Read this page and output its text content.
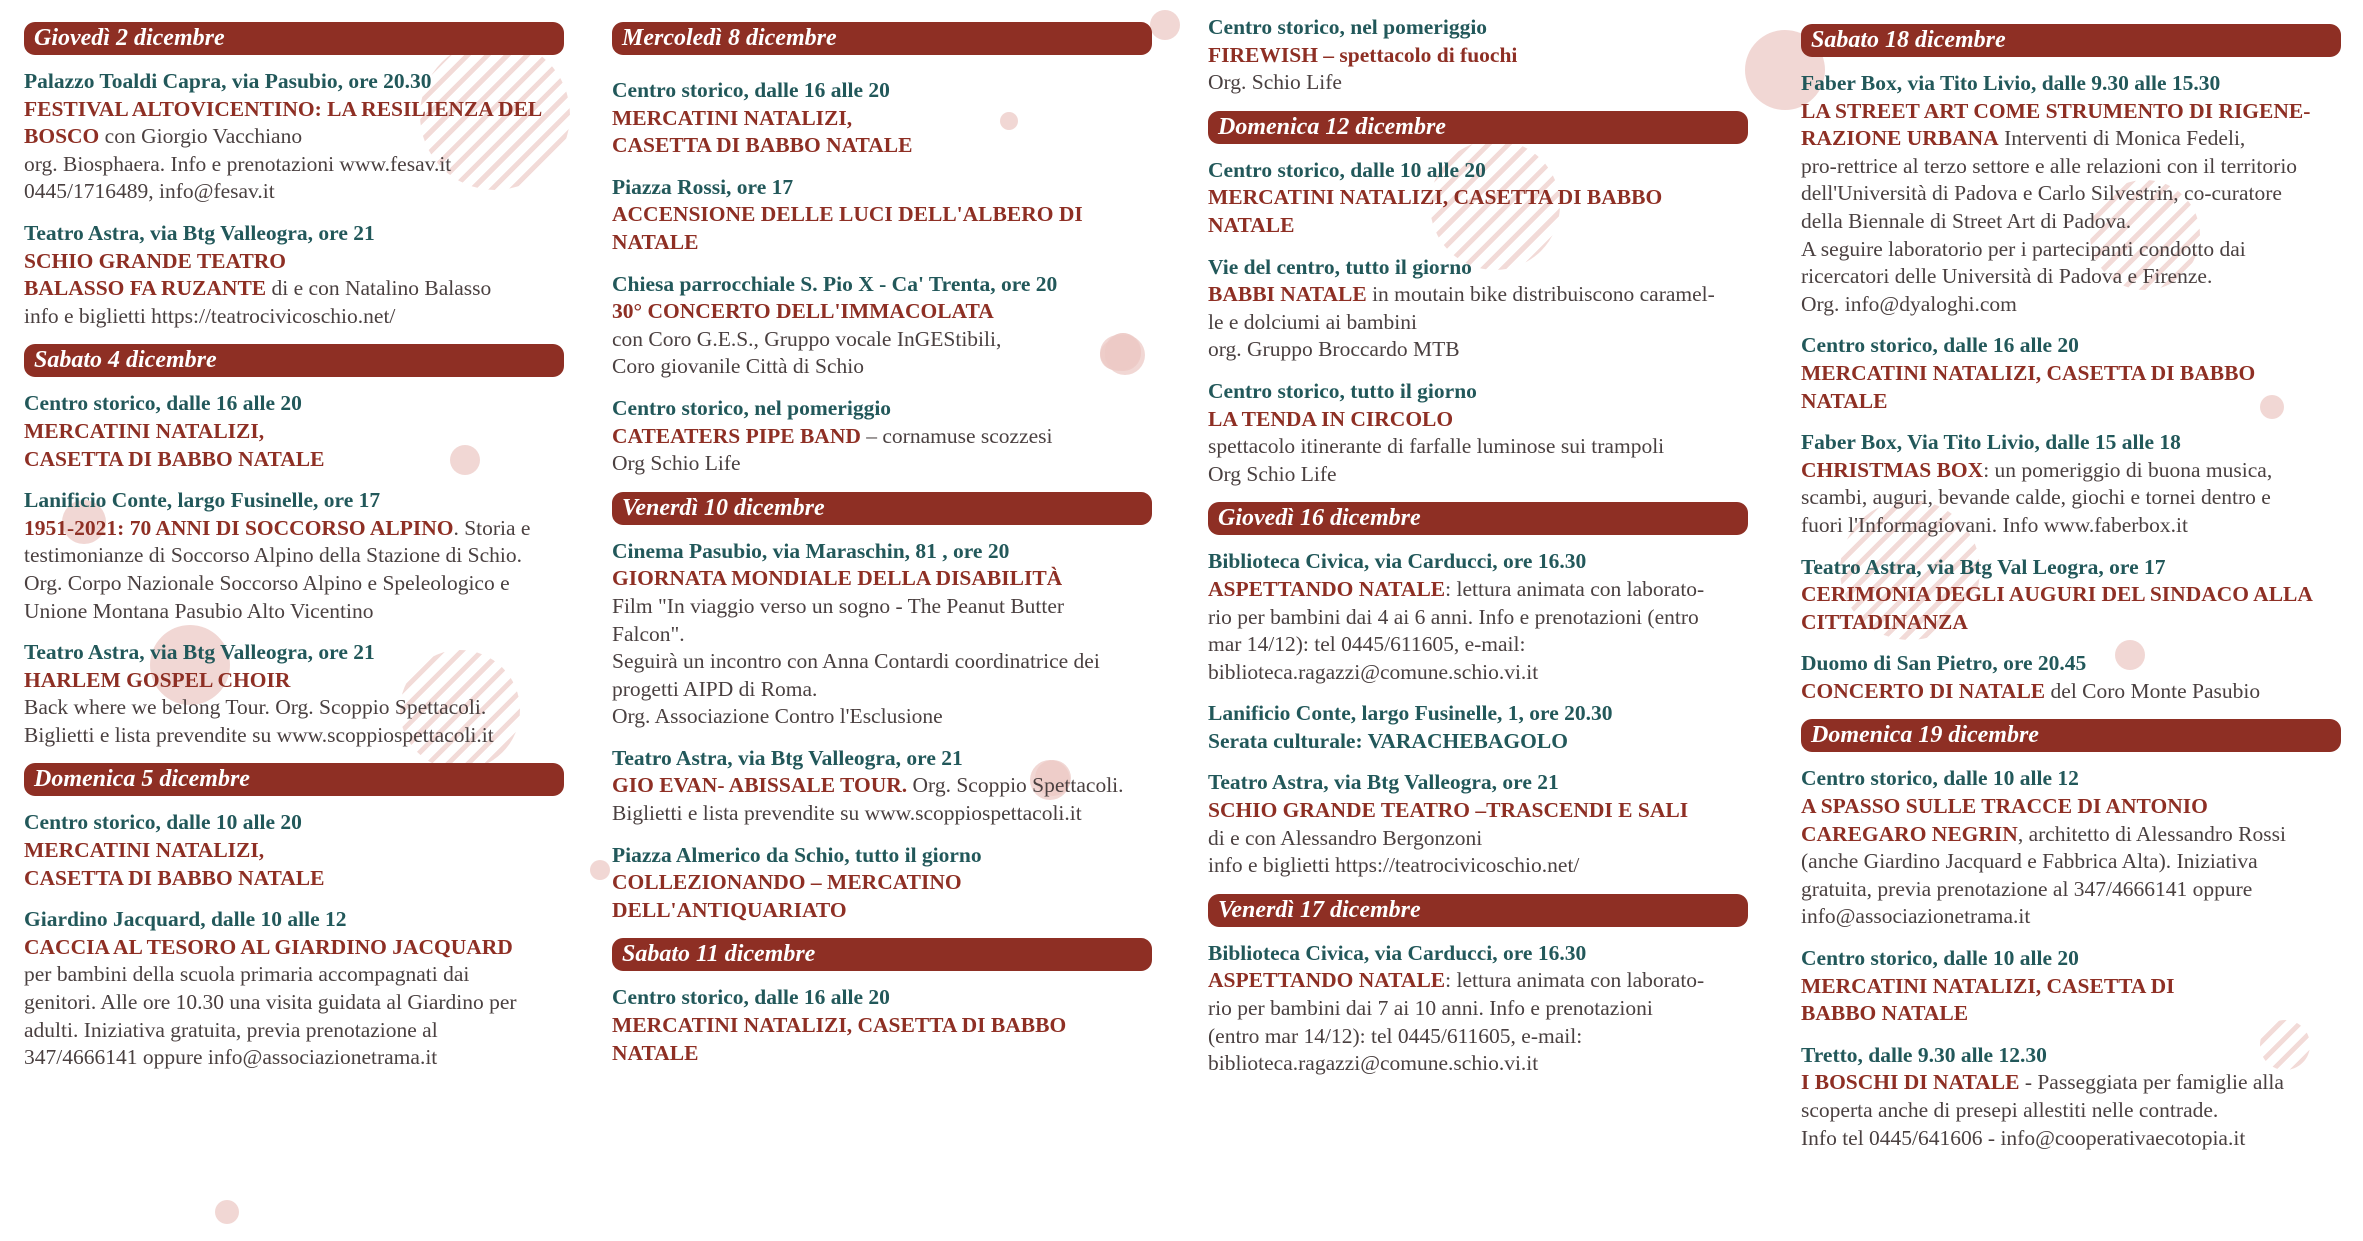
Giovedì 2 dicembre
Palazzo Toaldi Capra, via Pasubio, ore 20.30
FESTIVAL ALTOVICENTINO: LA RESILIENZA DEL
BOSCO con Giorgio Vacchiano
org. Biosphaera. Info e prenotazioni www.fesav.it
0445/1716489, info@fesav.it
Teatro Astra, via Btg Valleogra, ore 21
SCHIO GRANDE TEATRO
BALASSO FA RUZANTE di e con Natalino Balasso
info e biglietti https://teatrocivicoschio.net/
Sabato 4 dicembre
Centro storico, dalle 16 alle 20
MERCATINI NATALIZI,
CASETTA DI BABBO NATALE
Lanificio Conte, largo Fusinelle, ore 17
1951-2021: 70 ANNI DI SOCCORSO ALPINO. Storia e
testimonianze di Soccorso Alpino della Stazione di Schio.
Org. Corpo Nazionale Soccorso Alpino e Speleologico e
Unione Montana Pasubio Alto Vicentino
Teatro Astra, via Btg Valleogra, ore 21
HARLEM GOSPEL CHOIR
Back where we belong Tour. Org. Scoppio Spettacoli.
Biglietti e lista prevendite su www.scoppiospettacoli.it
Domenica 5 dicembre
Centro storico, dalle 10 alle 20
MERCATINI NATALIZI,
CASETTA DI BABBO NATALE
Giardino Jacquard, dalle 10 alle 12
CACCIA AL TESORO AL GIARDINO JACQUARD
per bambini della scuola primaria accompagnati dai
genitori. Alle ore 10.30 una visita guidata al Giardino per
adulti. Iniziativa gratuita, previa prenotazione al
347/4666141 oppure info@associazionetrama.it
Mercoledì 8 dicembre
Centro storico, dalle 16 alle 20
MERCATINI NATALIZI,
CASETTA DI BABBO NATALE
Piazza Rossi, ore 17
ACCENSIONE DELLE LUCI DELL'ALBERO DI
NATALE
Chiesa parrocchiale S. Pio X - Ca' Trenta, ore 20
30° CONCERTO DELL'IMMACOLATA
con Coro G.E.S., Gruppo vocale InGEStibili,
Coro giovanile Città di Schio
Centro storico, nel pomeriggio
CATEATERS PIPE BAND – cornamuse scozzesi
Org Schio Life
Venerdì 10 dicembre
Cinema Pasubio, via Maraschin, 81 , ore 20
GIORNATA MONDIALE DELLA DISABILITÀ
Film "In viaggio verso un sogno - The Peanut Butter
Falcon".
Seguirà un incontro con Anna Contardi coordinatrice dei
progetti AIPD di Roma.
Org. Associazione Contro l'Esclusione
Teatro Astra, via Btg Valleogra, ore 21
GIO EVAN- ABISSALE TOUR. Org. Scoppio Spettacoli.
Biglietti e lista prevendite su www.scoppiospettacoli.it
Piazza Almerico da Schio, tutto il giorno
COLLEZIONANDO – MERCATINO
DELL'ANTIQUARIATO
Sabato 11 dicembre
Centro storico, dalle 16 alle 20
MERCATINI NATALIZI, CASETTA DI BABBO
NATALE
Centro storico, nel pomeriggio
FIREWISH – spettacolo di fuochi
Org. Schio Life
Domenica 12 dicembre
Centro storico, dalle 10 alle 20
MERCATINI NATALIZI, CASETTA DI BABBO
NATALE
Vie del centro, tutto il giorno
BABBI NATALE in moutain bike distribuiscono caramel-
le e dolciumi ai bambini
org. Gruppo Broccardo MTB
Centro storico, tutto il giorno
LA TENDA IN CIRCOLO
spettacolo itinerante di farfalle luminose sui trampoli
Org Schio Life
Giovedì 16 dicembre
Biblioteca Civica, via Carducci, ore 16.30
ASPETTANDO NATALE: lettura animata con laborato-
rio per bambini dai 4 ai 6 anni. Info e prenotazioni (entro
mar 14/12): tel 0445/611605, e-mail:
biblioteca.ragazzi@comune.schio.vi.it
Lanificio Conte, largo Fusinelle, 1, ore 20.30
Serata culturale: VARACHEBAGOLO
Teatro Astra, via Btg Valleogra, ore 21
SCHIO GRANDE TEATRO –TRASCENDI E SALI
di e con Alessandro Bergonzoni
info e biglietti https://teatrocivicoschio.net/
Venerdì 17 dicembre
Biblioteca Civica, via Carducci, ore 16.30
ASPETTANDO NATALE: lettura animata con laborato-
rio per bambini dai 7 ai 10 anni. Info e prenotazioni
(entro mar 14/12): tel 0445/611605, e-mail:
biblioteca.ragazzi@comune.schio.vi.it
Sabato 18 dicembre
Faber Box, via Tito Livio, dalle 9.30 alle 15.30
LA STREET ART COME STRUMENTO DI RIGENE-
RAZIONE URBANA Interventi di Monica Fedeli,
pro-rettrice al terzo settore e alle relazioni con il territorio
dell'Università di Padova e Carlo Silvestrin, co-curatore
della Biennale di Street Art di Padova.
A seguire laboratorio per i partecipanti condotto dai
ricercatori delle Università di Padova e Firenze.
Org. info@dyaloghi.com
Centro storico, dalle 16 alle 20
MERCATINI NATALIZI, CASETTA DI BABBO
NATALE
Faber Box, Via Tito Livio, dalle 15 alle 18
CHRISTMAS BOX: un pomeriggio di buona musica,
scambi, auguri, bevande calde, giochi e tornei dentro e
fuori l'Informagiovani. Info www.faberbox.it
Teatro Astra, via Btg Val Leogra, ore 17
CERIMONIA DEGLI AUGURI DEL SINDACO ALLA
CITTADINANZA
Duomo di San Pietro, ore 20.45
CONCERTO DI NATALE del Coro Monte Pasubio
Domenica 19 dicembre
Centro storico, dalle 10 alle 12
A SPASSO SULLE TRACCE DI ANTONIO
CAREGARO NEGRIN, architetto di Alessandro Rossi
(anche Giardino Jacquard e Fabbrica Alta). Iniziativa
gratuita, previa prenotazione al 347/4666141 oppure
info@associazionetrama.it
Centro storico, dalle 10 alle 20
MERCATINI NATALIZI, CASETTA DI
BABBO NATALE
Tretto, dalle 9.30 alle 12.30
I BOSCHI DI NATALE - Passeggiata per famiglie alla
scoperta anche di presepi allestiti nelle contrade.
Info tel 0445/641606 - info@cooperativaecotopia.it
